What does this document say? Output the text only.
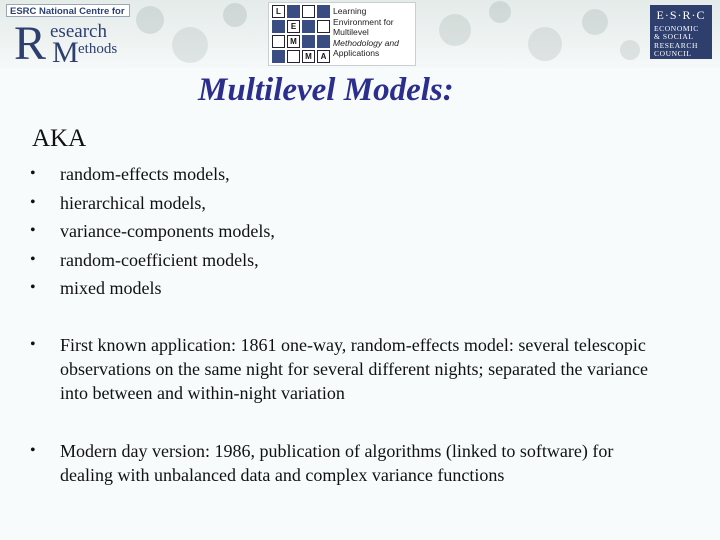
ESRC National Centre for
R esearch
M ethods
L
E
M
M	A
Learning
Environment for
Multilevel
Methodology and
Applications
E·S·R·C
ECONOMIC
& SOCIAL
RESEARCH
COUNCIL
Multilevel Models:
AKA
• random-effects models,
• hierarchical models,
• variance-components models,
• random-coefficient models,
• mixed models
• First known application: 1861 one-way, random-effects model: several telescopic observations on the same night for several different nights; separated the variance into between and within-night variation
• Modern day version: 1986, publication of algorithms (linked to software) for dealing with unbalanced data and complex variance functions
